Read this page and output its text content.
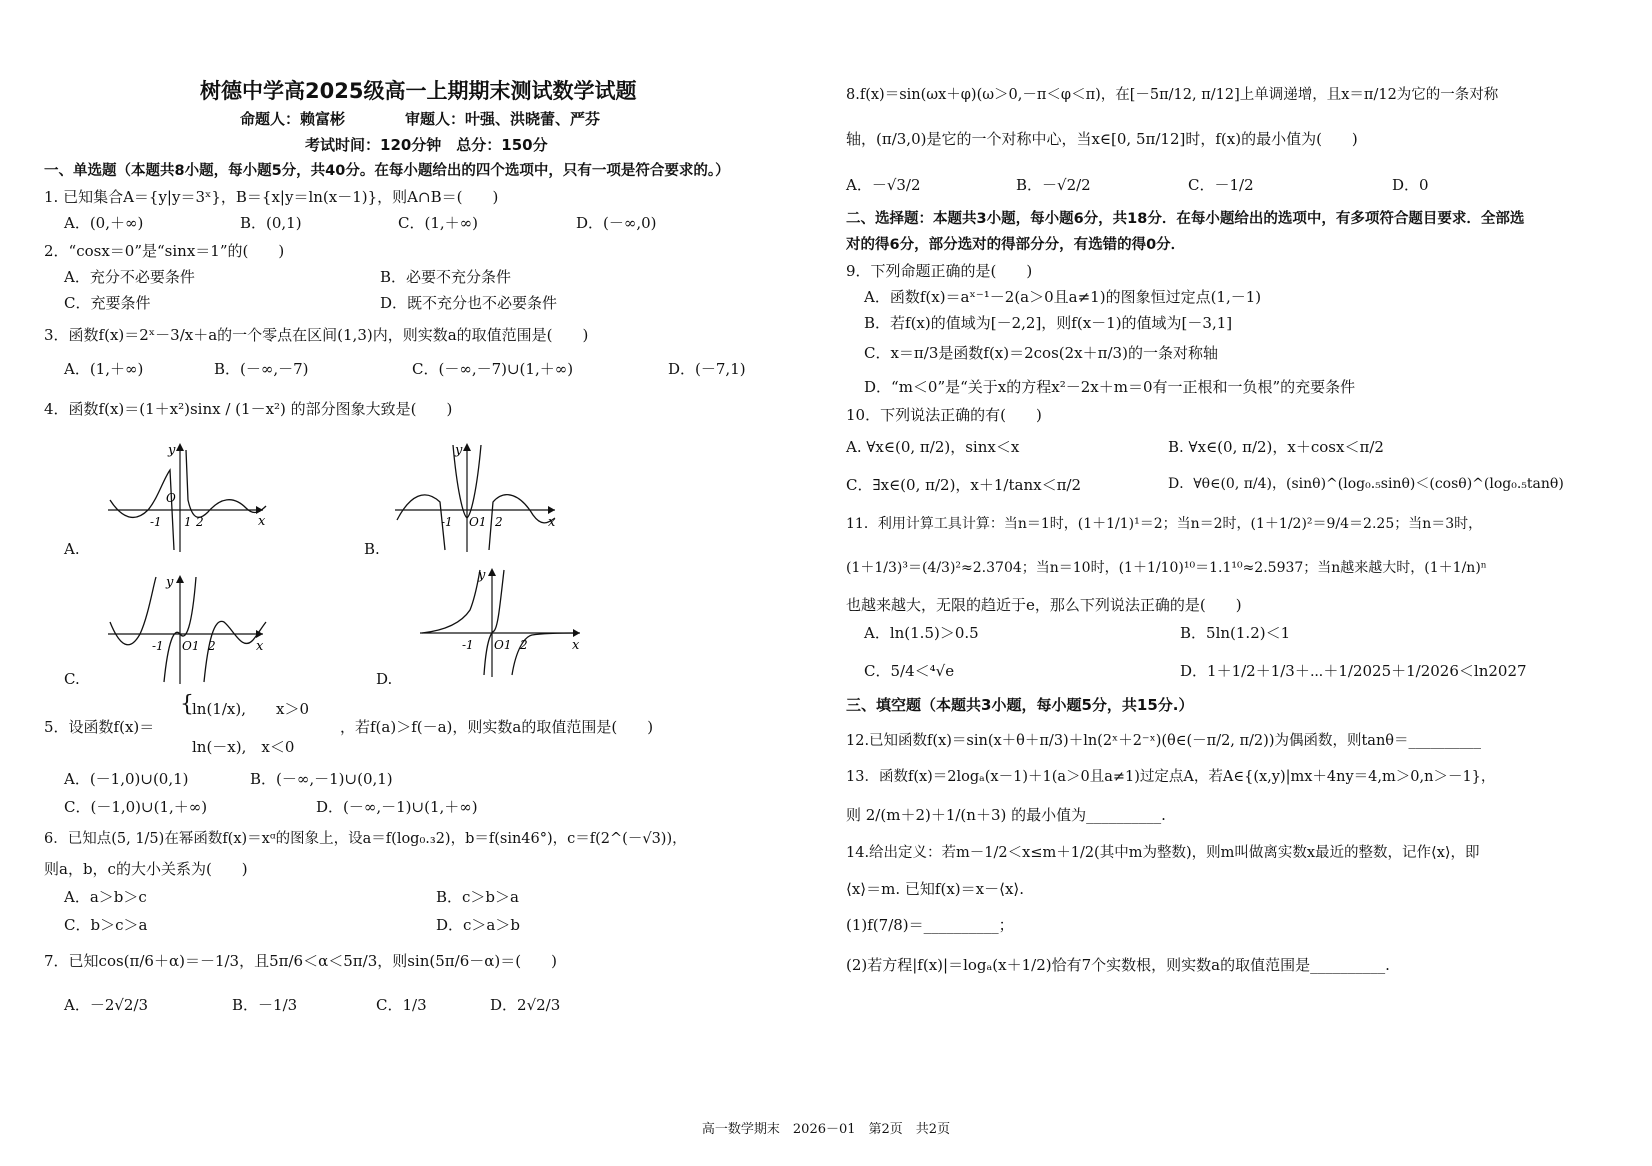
树德中学高2025级高一上期期末测试数学试题
命题人：赖富彬　　　　审题人：叶强、洪晓蕾、严芬
考试时间：120分钟　总分：150分
一、单选题（本题共8小题，每小题5分，共40分。在每小题给出的四个选项中，只有一项是符合要求的。）
1. 已知集合A＝{y|y＝3ˣ}，B＝{x|y＝ln(x－1)}，则A∩B＝(　　)
A．(0,＋∞)	B．(0,1)	C．(1,＋∞)	D．(－∞,0)
2．“cosx＝0”是“sinx＝1”的(　　)
A．充分不必要条件	B．必要不充分条件
C．充要条件	D．既不充分也不必要条件
3．函数f(x)＝2ˣ－3/x＋a的一个零点在区间(1,3)内，则实数a的取值范围是(　　)
A．(1,＋∞)	B．(－∞,－7)	C．(－∞,－7)∪(1,＋∞)	D．(－7,1)
4．函数f(x)＝(1＋x²)sinx / (1－x²) 的部分图象大致是(　　)
y
x
O
-1 1 2
A.
y
x
-1 O1 2
B.
y
x
-1 O1 2
C.
y
x
-1 O1 2
D.
5．设函数f(x)＝
{
ln(1/x),　　x＞0
ln(－x),　x＜0
，若f(a)＞f(－a)，则实数a的取值范围是(　　)
A．(－1,0)∪(0,1)	B．(－∞,－1)∪(0,1)
C．(－1,0)∪(1,＋∞)	D．(－∞,－1)∪(1,＋∞)
6．已知点(5, 1/5)在幂函数f(x)＝xᵅ的图象上，设a＝f(log₀.₃2)，b＝f(sin46°)，c＝f(2^(－√3))，
则a，b，c的大小关系为(　　)
A．a＞b＞c	B．c＞b＞a
C．b＞c＞a	D．c＞a＞b
7．已知cos(π/6＋α)＝－1/3，且5π/6＜α＜5π/3，则sin(5π/6－α)＝(　　)
A．－2√2/3	B．－1/3	C．1/3	D．2√2/3
8.f(x)＝sin(ωx＋φ)(ω＞0,－π＜φ＜π)，在[－5π/12, π/12]上单调递增，且x＝π/12为它的一条对称
轴，(π/3,0)是它的一个对称中心，当x∈[0, 5π/12]时，f(x)的最小值为(　　)
A．－√3/2	B．－√2/2	C．－1/2	D．0
二、选择题：本题共3小题，每小题6分，共18分．在每小题给出的选项中，有多项符合题目要求．全部选
对的得6分，部分选对的得部分分，有选错的得0分．
9．下列命题正确的是(　　)
A．函数f(x)＝aˣ⁻¹－2(a＞0且a≠1)的图象恒过定点(1,－1)
B．若f(x)的值域为[－2,2]，则f(x－1)的值域为[－3,1]
C．x＝π/3是函数f(x)＝2cos(2x＋π/3)的一条对称轴
D．“m＜0”是“关于x的方程x²－2x＋m＝0有一正根和一负根”的充要条件
10．下列说法正确的有(　　)
A. ∀x∈(0, π/2)，sinx＜x	B. ∀x∈(0, π/2)，x＋cosx＜π/2
C．∃x∈(0, π/2)，x＋1/tanx＜π/2	D．∀θ∈(0, π/4)，(sinθ)^(log₀.₅sinθ)＜(cosθ)^(log₀.₅tanθ)
11．利用计算工具计算：当n＝1时，(1＋1/1)¹＝2；当n＝2时，(1＋1/2)²＝9/4＝2.25；当n＝3时，
(1＋1/3)³＝(4/3)²≈2.3704；当n＝10时，(1＋1/10)¹⁰＝1.1¹⁰≈2.5937；当n越来越大时，(1＋1/n)ⁿ
也越来越大，无限的趋近于e，那么下列说法正确的是(　　)
A．ln(1.5)＞0.5	B．5ln(1.2)＜1
C．5/4＜⁴√e	D．1＋1/2＋1/3＋⋯＋1/2025＋1/2026＜ln2027
三、填空题（本题共3小题，每小题5分，共15分.）
12.已知函数f(x)＝sin(x＋θ＋π/3)＋ln(2ˣ＋2⁻ˣ)(θ∈(－π/2, π/2))为偶函数，则tanθ＝__________
13．函数f(x)＝2logₐ(x－1)＋1(a＞0且a≠1)过定点A，若A∈{(x,y)|mx＋4ny＝4,m＞0,n＞－1}，
则 2/(m＋2)＋1/(n＋3) 的最小值为__________.
14.给出定义：若m－1/2＜x≤m＋1/2(其中m为整数)，则m叫做离实数x最近的整数，记作⟨x⟩，即
⟨x⟩＝m. 已知f(x)＝x－⟨x⟩.
(1)f(7/8)＝__________；
(2)若方程|f(x)|＝logₐ(x＋1/2)恰有7个实数根，则实数a的取值范围是__________.
高一数学期末　2026－01　第2页　共2页
